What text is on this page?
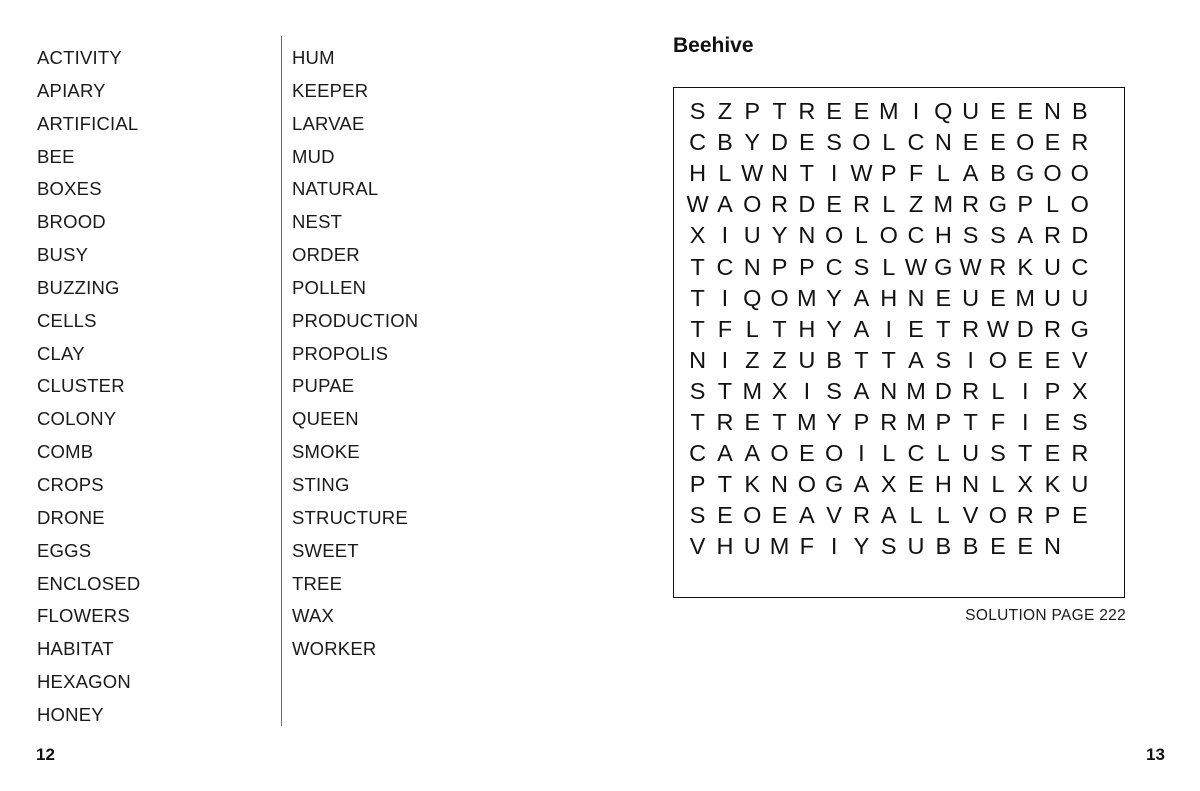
ACTIVITY
APIARY
ARTIFICIAL
BEE
BOXES
BROOD
BUSY
BUZZING
CELLS
CLAY
CLUSTER
COLONY
COMB
CROPS
DRONE
EGGS
ENCLOSED
FLOWERS
HABITAT
HEXAGON
HONEY
HUM
KEEPER
LARVAE
MUD
NATURAL
NEST
ORDER
POLLEN
PRODUCTION
PROPOLIS
PUPAE
QUEEN
SMOKE
STING
STRUCTURE
SWEET
TREE
WAX
WORKER
12
Beehive
S Z P T R E E M I Q U E E N B
C B Y D E S O L C N E E O E R
H L W N T I W P F L A B G O O
W A O R D E R L Z M R G P L O
X I U Y N O L O C H S S A R D
T C N P P C S L W G W R K U C
T I Q O M Y A H N E U E M U U
T F L T H Y A I E T R W D R G
N I Z Z U B T T A S I O E E V
S T M X I S A N M D R L I P X
T R E T M Y P R M P T F I E S
C A A O E O I L C L U S T E R
P T K N O G A X E H N L X K U
S E O E A V R A L L V O R P E
V H U M F I Y S U B B E E N
SOLUTION PAGE 222
13
